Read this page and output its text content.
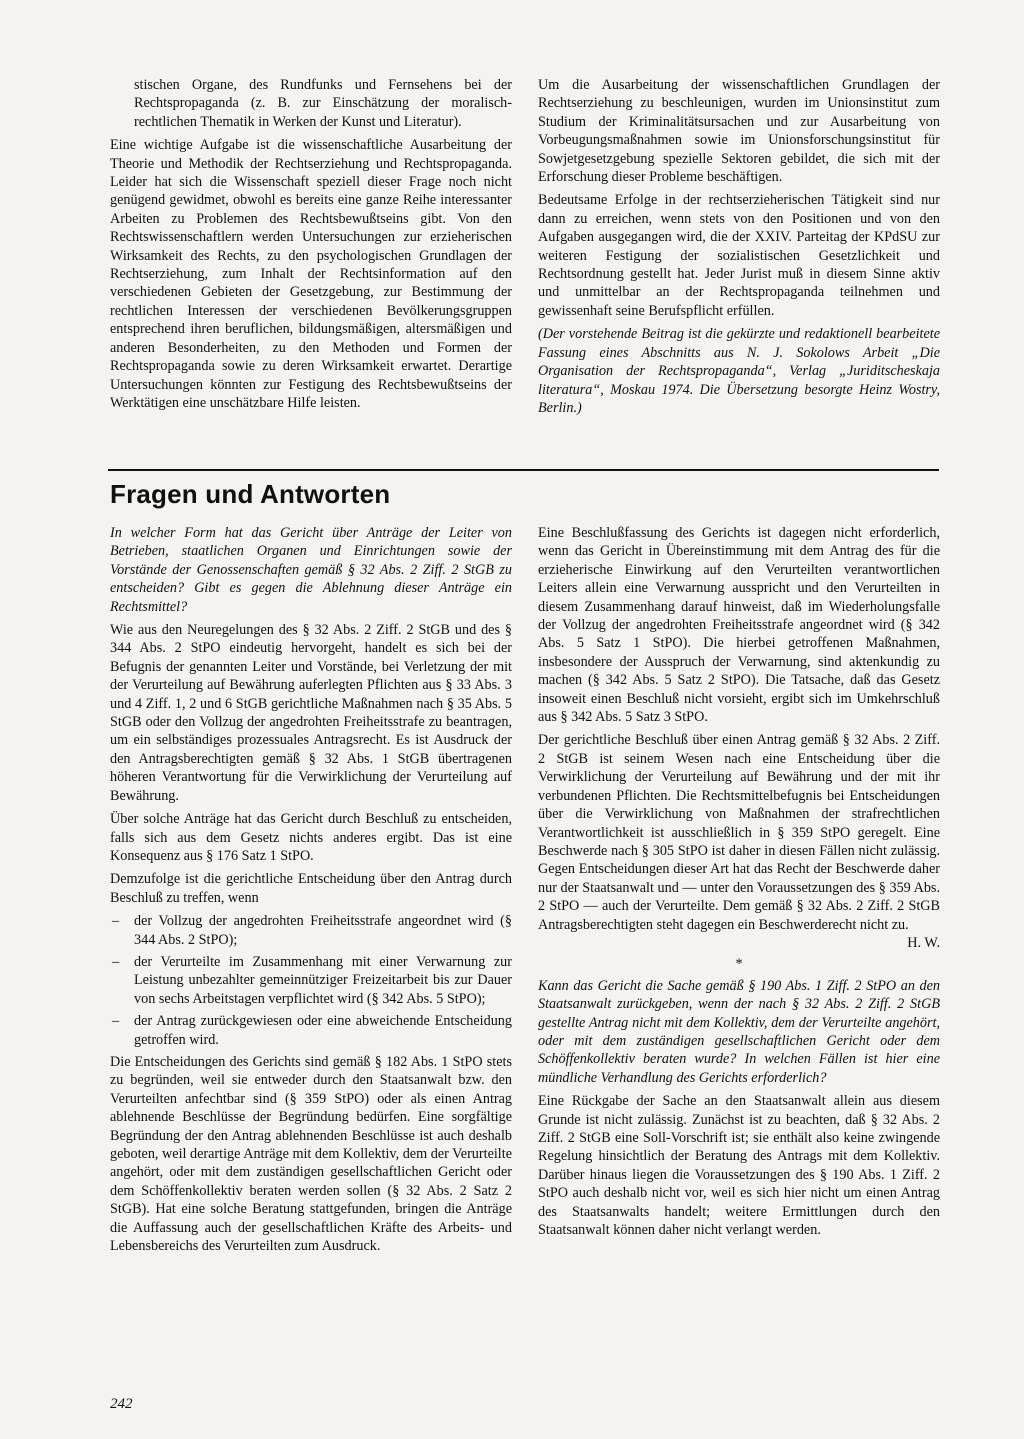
stischen Organe, des Rundfunks und Fernsehens bei der Rechtspropaganda (z. B. zur Einschätzung der moralisch-rechtlichen Thematik in Werken der Kunst und Literatur).

Eine wichtige Aufgabe ist die wissenschaftliche Ausarbeitung der Theorie und Methodik der Rechtserziehung und Rechtspropaganda. Leider hat sich die Wissenschaft speziell dieser Frage noch nicht genügend gewidmet, obwohl es bereits eine ganze Reihe interessanter Arbeiten zu Problemen des Rechtsbewußtseins gibt. Von den Rechtswissenschaftlern werden Untersuchungen zur erzieherischen Wirksamkeit des Rechts, zu den psychologischen Grundlagen der Rechtserziehung, zum Inhalt der Rechtsinformation auf den verschiedenen Gebieten der Gesetzgebung, zur Bestimmung der rechtlichen Interessen der verschiedenen Bevölkerungsgruppen entsprechend ihren beruflichen, bildungsmäßigen, altersmäßigen und anderen Besonderheiten, zu den Methoden und Formen der Rechtspropaganda sowie zu deren Wirksamkeit erwartet. Derartige Untersuchungen könnten zur Festigung des Rechtsbewußtseins der Werktätigen eine unschätzbare Hilfe leisten.

Um die Ausarbeitung der wissenschaftlichen Grundlagen der Rechtserziehung zu beschleunigen, wurden im Unionsinstitut zum Studium der Kriminalitätsursachen und zur Ausarbeitung von Vorbeugungsmaßnahmen sowie im Unionsforschungsinstitut für Sowjetgesetzgebung spezielle Sektoren gebildet, die sich mit der Erforschung dieser Probleme beschäftigen.

Bedeutsame Erfolge in der rechtserzieherischen Tätigkeit sind nur dann zu erreichen, wenn stets von den Positionen und von den Aufgaben ausgegangen wird, die der XXIV. Parteitag der KPdSU zur weiteren Festigung der sozialistischen Gesetzlichkeit und Rechtsordnung gestellt hat. Jeder Jurist muß in diesem Sinne aktiv und unmittelbar an der Rechtspropaganda teilnehmen und gewissenhaft seine Berufspflicht erfüllen.

(Der vorstehende Beitrag ist die gekürzte und redaktionell bearbeitete Fassung eines Abschnitts aus N. J. Sokolows Arbeit „Die Organisation der Rechtspropaganda“, Verlag „Juriditscheskaja literatura“, Moskau 1974. Die Übersetzung besorgte Heinz Wostry, Berlin.)

Fragen und Antworten

In welcher Form hat das Gericht über Anträge der Leiter von Betrieben, staatlichen Organen und Einrichtungen sowie der Vorstände der Genossenschaften gemäß § 32 Abs. 2 Ziff. 2 StGB zu entscheiden? Gibt es gegen die Ablehnung dieser Anträge ein Rechtsmittel?

Wie aus den Neuregelungen des § 32 Abs. 2 Ziff. 2 StGB und des § 344 Abs. 2 StPO eindeutig hervorgeht, handelt es sich bei der Befugnis der genannten Leiter und Vorstände, bei Verletzung der mit der Verurteilung auf Bewährung auferlegten Pflichten aus § 33 Abs. 3 und 4 Ziff. 1, 2 und 6 StGB gerichtliche Maßnahmen nach § 35 Abs. 5 StGB oder den Vollzug der angedrohten Freiheitsstrafe zu beantragen, um ein selbständiges prozessuales Antragsrecht. Es ist Ausdruck der den Antragsberechtigten gemäß § 32 Abs. 1 StGB übertragenen höheren Verantwortung für die Verwirklichung der Verurteilung auf Bewährung.

Über solche Anträge hat das Gericht durch Beschluß zu entscheiden, falls sich aus dem Gesetz nichts anderes ergibt. Das ist eine Konsequenz aus § 176 Satz 1 StPO.

Demzufolge ist die gerichtliche Entscheidung über den Antrag durch Beschluß zu treffen, wenn

– der Vollzug der angedrohten Freiheitsstrafe angeordnet wird (§ 344 Abs. 2 StPO);
– der Verurteilte im Zusammenhang mit einer Verwarnung zur Leistung unbezahlter gemeinnütziger Freizeitarbeit bis zur Dauer von sechs Arbeitstagen verpflichtet wird (§ 342 Abs. 5 StPO);
– der Antrag zurückgewiesen oder eine abweichende Entscheidung getroffen wird.

Die Entscheidungen des Gerichts sind gemäß § 182 Abs. 1 StPO stets zu begründen, weil sie entweder durch den Staatsanwalt bzw. den Verurteilten anfechtbar sind (§ 359 StPO) oder als einen Antrag ablehnende Beschlüsse der Begründung bedürfen. Eine sorgfältige Begründung der den Antrag ablehnenden Beschlüsse ist auch deshalb geboten, weil derartige Anträge mit dem Kollektiv, dem der Verurteilte angehört, oder mit dem zuständigen gesellschaftlichen Gericht oder dem Schöffenkollektiv beraten werden sollen (§ 32 Abs. 2 Satz 2 StGB). Hat eine solche Beratung stattgefunden, bringen die Anträge die Auffassung auch der gesellschaftlichen Kräfte des Arbeits- und Lebensbereichs des Verurteilten zum Ausdruck.

Eine Beschlußfassung des Gerichts ist dagegen nicht erforderlich, wenn das Gericht in Übereinstimmung mit dem Antrag des für die erzieherische Einwirkung auf den Verurteilten verantwortlichen Leiters allein eine Verwarnung ausspricht und den Verurteilten in diesem Zusammenhang darauf hinweist, daß im Wiederholungsfalle der Vollzug der angedrohten Freiheitsstrafe angeordnet wird (§ 342 Abs. 5 Satz 1 StPO). Die hierbei getroffenen Maßnahmen, insbesondere der Ausspruch der Verwarnung, sind aktenkundig zu machen (§ 342 Abs. 5 Satz 2 StPO). Die Tatsache, daß das Gesetz insoweit einen Beschluß nicht vorsieht, ergibt sich im Umkehrschluß aus § 342 Abs. 5 Satz 3 StPO.

Der gerichtliche Beschluß über einen Antrag gemäß § 32 Abs. 2 Ziff. 2 StGB ist seinem Wesen nach eine Entscheidung über die Verwirklichung der Verurteilung auf Bewährung und der mit ihr verbundenen Pflichten. Die Rechtsmittelbefugnis bei Entscheidungen über die Verwirklichung von Maßnahmen der strafrechtlichen Verantwortlichkeit ist ausschließlich in § 359 StPO geregelt. Eine Beschwerde nach § 305 StPO ist daher in diesen Fällen nicht zulässig. Gegen Entscheidungen dieser Art hat das Recht der Beschwerde daher nur der Staatsanwalt und — unter den Voraussetzungen des § 359 Abs. 2 StPO — auch der Verurteilte. Dem gemäß § 32 Abs. 2 Ziff. 2 StGB Antragsberechtigten steht dagegen ein Beschwerderecht nicht zu.

H. W.

*

Kann das Gericht die Sache gemäß § 190 Abs. 1 Ziff. 2 StPO an den Staatsanwalt zurückgeben, wenn der nach § 32 Abs. 2 Ziff. 2 StGB gestellte Antrag nicht mit dem Kollektiv, dem der Verurteilte angehört, oder mit dem zuständigen gesellschaftlichen Gericht oder dem Schöffenkollektiv beraten wurde? In welchen Fällen ist hier eine mündliche Verhandlung des Gerichts erforderlich?

Eine Rückgabe der Sache an den Staatsanwalt allein aus diesem Grunde ist nicht zulässig. Zunächst ist zu beachten, daß § 32 Abs. 2 Ziff. 2 StGB eine Soll-Vorschrift ist; sie enthält also keine zwingende Regelung hinsichtlich der Beratung des Antrags mit dem Kollektiv. Darüber hinaus liegen die Voraussetzungen des § 190 Abs. 1 Ziff. 2 StPO auch deshalb nicht vor, weil es sich hier nicht um einen Antrag des Staatsanwalts handelt; weitere Ermittlungen durch den Staatsanwalt können daher nicht verlangt werden.

242
